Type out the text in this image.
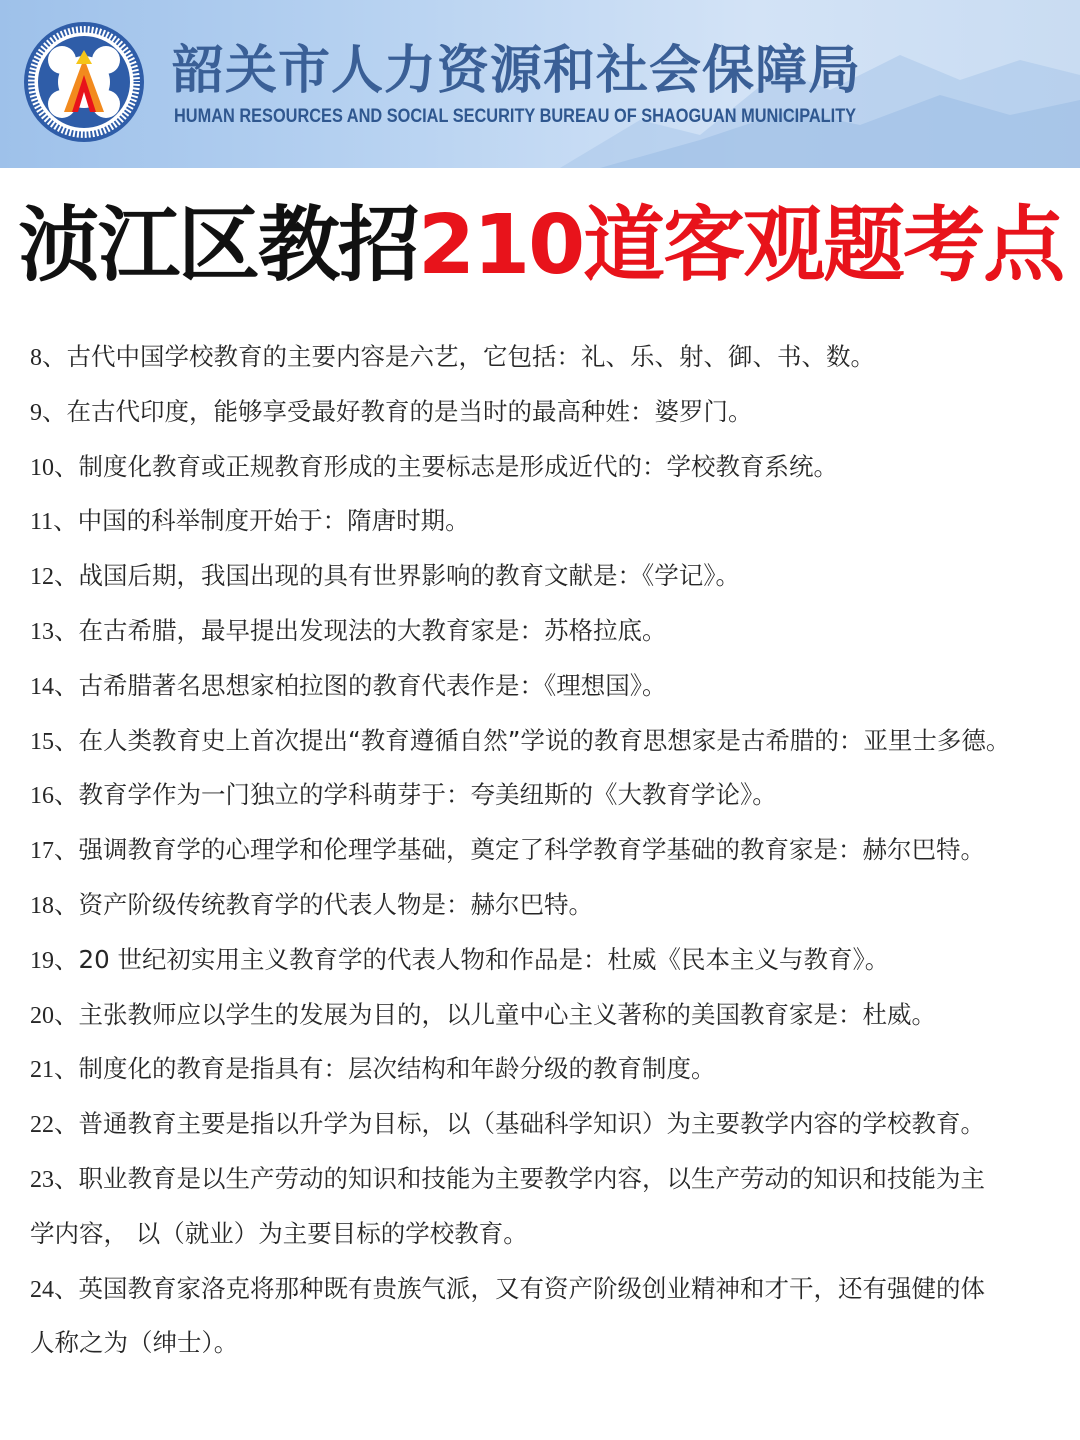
韶关市人力资源和社会保障局
HUMAN RESOURCES AND SOCIAL SECURITY BUREAU OF SHAOGUAN MUNICIPALITY
浈江区教招210道客观题考点
8、古代中国学校教育的主要内容是六艺，它包括：礼、乐、射、御、书、数。
9、在古代印度，能够享受最好教育的是当时的最高种姓：婆罗门。
10、制度化教育或正规教育形成的主要标志是形成近代的：学校教育系统。
11、中国的科举制度开始于：隋唐时期。
12、战国后期，我国出现的具有世界影响的教育文献是：《学记》。
13、在古希腊，最早提出发现法的大教育家是：苏格拉底。
14、古希腊著名思想家柏拉图的教育代表作是：《理想国》。
15、在人类教育史上首次提出“教育遵循自然”学说的教育思想家是古希腊的：亚里士多德。
16、教育学作为一门独立的学科萌芽于：夸美纽斯的《大教育学论》。
17、强调教育学的心理学和伦理学基础，奠定了科学教育学基础的教育家是：赫尔巴特。
18、资产阶级传统教育学的代表人物是：赫尔巴特。
19、20 世纪初实用主义教育学的代表人物和作品是：杜威《民本主义与教育》。
20、主张教师应以学生的发展为目的，以儿童中心主义著称的美国教育家是：杜威。
21、制度化的教育是指具有：层次结构和年龄分级的教育制度。
22、普通教育主要是指以升学为目标，以（基础科学知识）为主要教学内容的学校教育。
23、职业教育是以生产劳动的知识和技能为主要教学内容，以生产劳动的知识和技能为主
学内容， 以（就业）为主要目标的学校教育。
24、英国教育家洛克将那种既有贵族气派，又有资产阶级创业精神和才干，还有强健的体
人称之为（绅士）。
